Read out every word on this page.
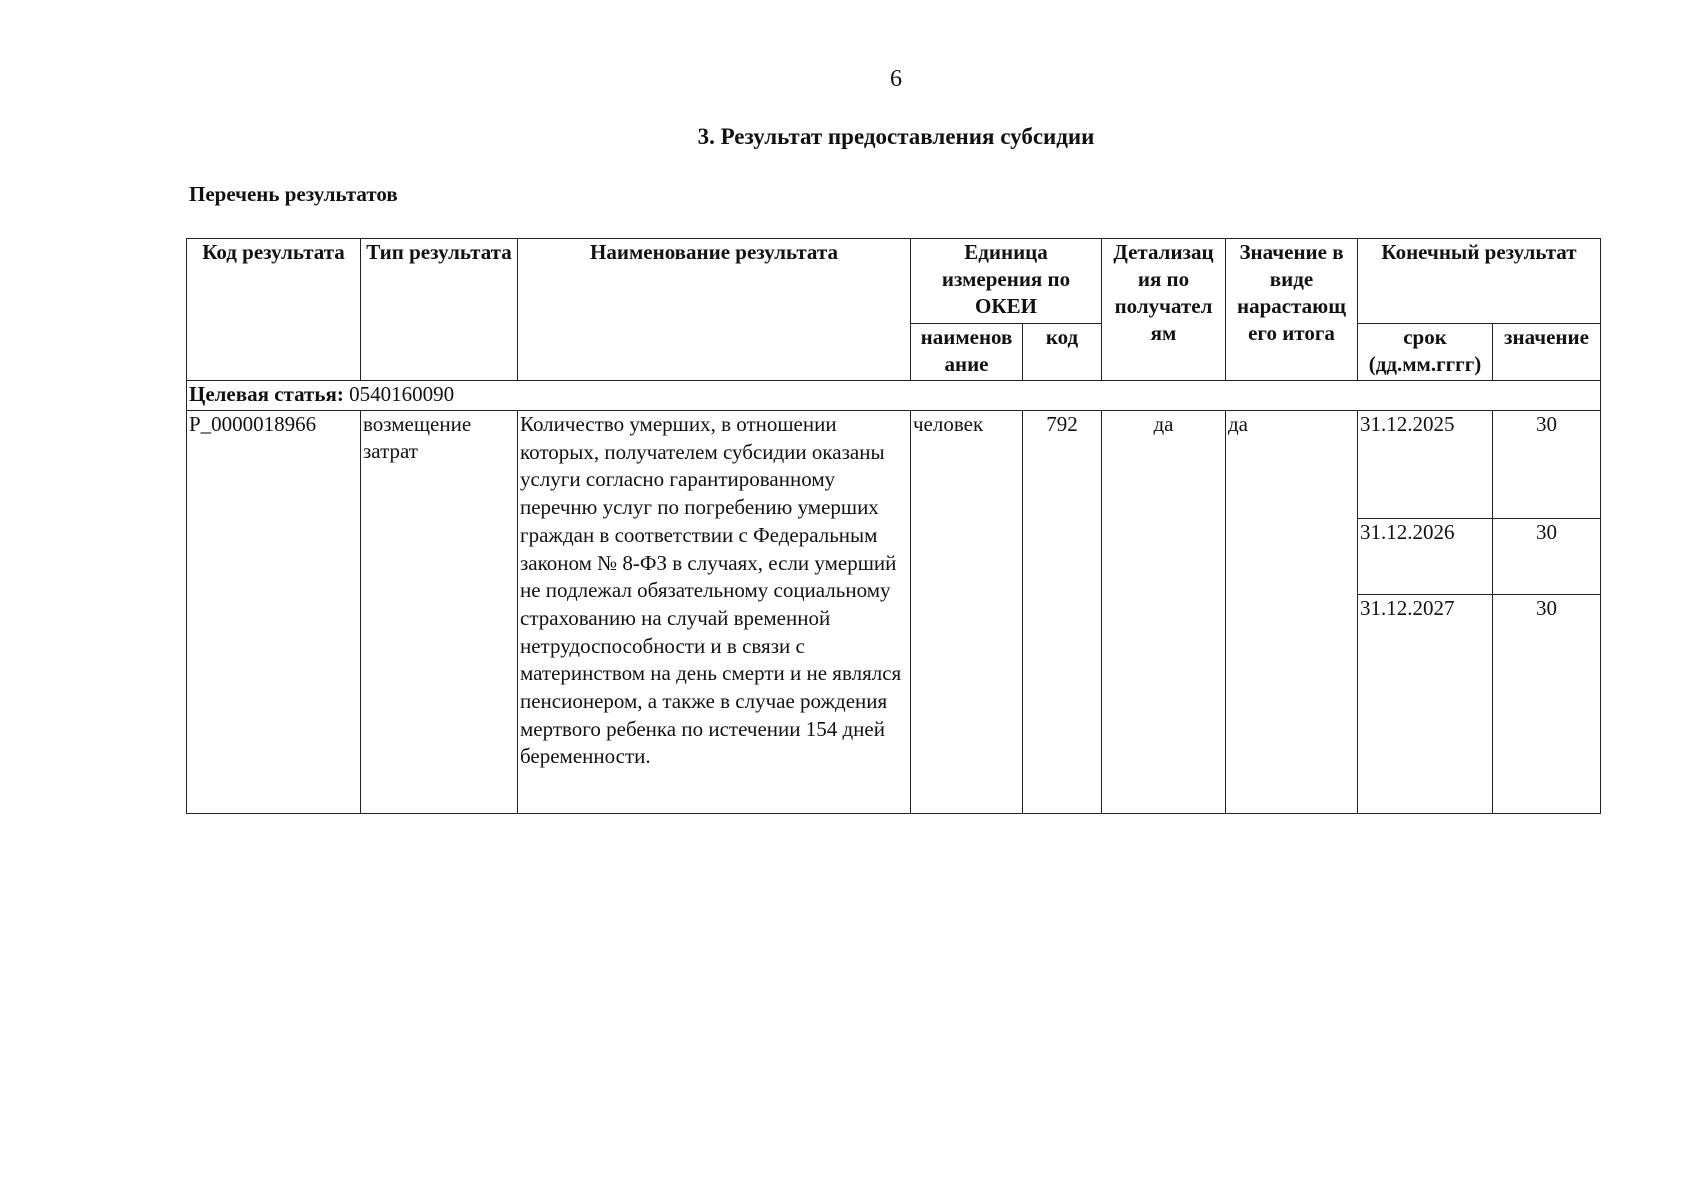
6
3. Результат предоставления субсидии
Перечень результатов
Код результата	Тип результата	Наименование результата	Единица измерения по ОКЕИ		Детализац ия по получател ям	Значение в виде нарастающ его итога	Конечный результат	
			наименов ание	код			срок (дд.мм.гггг)	значение
Целевая статья: 0540160090								
P_0000018966	возмещение затрат	Количество умерших, в отношении которых, получателем субсидии оказаны услуги согласно гарантированному перечню услуг по погребению умерших граждан в соответствии с Федеральным законом № 8-ФЗ в случаях, если умерший не подлежал обязательному социальному страхованию на случай временной нетрудоспособности и в связи с материнством на день смерти и не являлся пенсионером, а также в случае рождения мертвого ребенка по истечении 154 дней беременности.	человек	792	да	да	31.12.2025	30
							31.12.2026	30
							31.12.2027	30
